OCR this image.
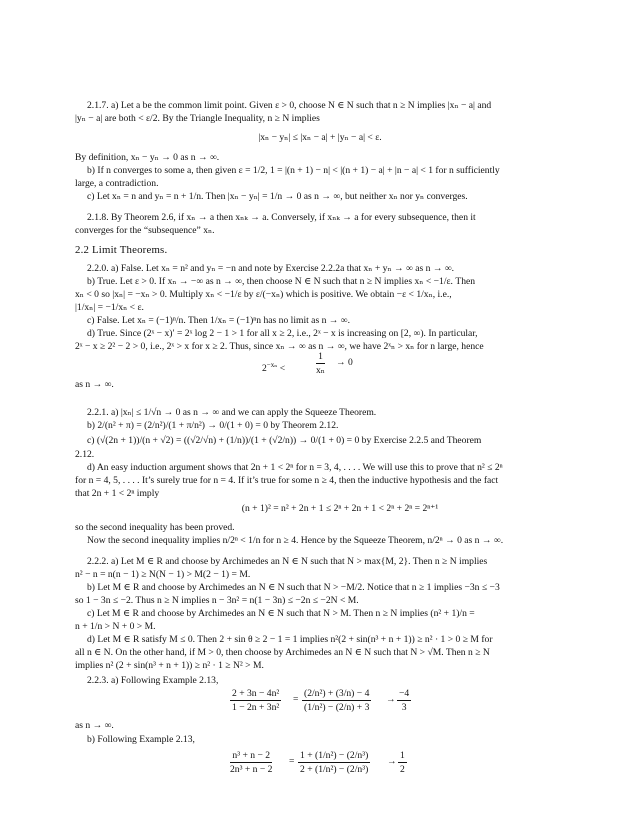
2.1.7. a) Let a be the common limit point. Given ε > 0, choose N ∈ N such that n ≥ N implies |xₙ − a| and
|yₙ − a| are both < ε/2. By the Triangle Inequality, n ≥ N implies
|xₙ − yₙ| ≤ |xₙ − a| + |yₙ − a| < ε.
By definition, xₙ − yₙ → 0 as n → ∞.
b) If n converges to some a, then given ε = 1/2, 1 = |(n + 1) − n| < |(n + 1) − a| + |n − a| < 1 for n sufficiently
large, a contradiction.
c) Let xₙ = n and yₙ = n + 1/n. Then |xₙ − yₙ| = 1/n → 0 as n → ∞, but neither xₙ nor yₙ converges.
2.1.8. By Theorem 2.6, if xₙ → a then xₙₖ → a. Conversely, if xₙₖ → a for every subsequence, then it
converges for the “subsequence” xₙ.
2.2 Limit Theorems.
2.2.0. a) False. Let xₙ = n² and yₙ = −n and note by Exercise 2.2.2a that xₙ + yₙ → ∞ as n → ∞.
b) True. Let ε > 0. If xₙ → −∞ as n → ∞, then choose N ∈ N such that n ≥ N implies xₙ < −1/ε. Then
xₙ < 0 so |xₙ| = −xₙ > 0. Multiply xₙ < −1/ε by ε/(−xₙ) which is positive. We obtain −ε < 1/xₙ, i.e.,
|1/xₙ| = −1/xₙ < ε.
c) False. Let xₙ = (−1)ⁿ/n. Then 1/xₙ = (−1)ⁿn has no limit as n → ∞.
d) True. Since (2ˣ − x)′ = 2ˣ log 2 − 1 > 1 for all x ≥ 2, i.e., 2ˣ − x is increasing on [2, ∞). In particular,
2ˣ − x ≥ 2² − 2 > 0, i.e., 2ˣ > x for x ≥ 2. Thus, since xₙ → ∞ as n → ∞, we have 2ˣₙ > xₙ for n large, hence
$2^{-x_n}$ <	$\frac{1}{\text{xₙ}} \to 0$
as n → ∞.
2.2.1. a) |xₙ| ≤ 1/√n → 0 as n → ∞ and we can apply the Squeeze Theorem.
b) 2/(n² + π) = (2/n²)/(1 + π/n²) → 0/(1 + 0) = 0 by Theorem 2.12.
c) (√(2n + 1))/(n + √2) = ((√2/√n) + (1/n))/(1 + (√2/n)) → 0/(1 + 0) = 0 by Exercise 2.2.5 and Theorem
2.12.
d) An easy induction argument shows that 2n + 1 < 2ⁿ for n = 3, 4, . . . . We will use this to prove that n² ≤ 2ⁿ
for n = 4, 5, . . . . It’s surely true for n = 4. If it’s true for some n ≥ 4, then the inductive hypothesis and the fact
that 2n + 1 < 2ⁿ imply
(n + 1)² = n² + 2n + 1 ≤ 2ⁿ + 2n + 1 < 2ⁿ + 2ⁿ = 2ⁿ⁺¹
so the second inequality has been proved.
Now the second inequality implies n/2ⁿ < 1/n for n ≥ 4. Hence by the Squeeze Theorem, n/2ⁿ → 0 as n → ∞.
2.2.2. a) Let M ∈ R and choose by Archimedes an N ∈ N such that N > max{M, 2}. Then n ≥ N implies
n² − n = n(n − 1) ≥ N(N − 1) > M(2 − 1) = M.
b) Let M ∈ R and choose by Archimedes an N ∈ N such that N > −M/2. Notice that n ≥ 1 implies −3n ≤ −3
so 1 − 3n ≤ −2. Thus n ≥ N implies n − 3n² = n(1 − 3n) ≤ −2n ≤ −2N < M.
c) Let M ∈ R and choose by Archimedes an N ∈ N such that N > M. Then n ≥ N implies (n² + 1)/n =
n + 1/n > N + 0 > M.
d) Let M ∈ R satisfy M ≤ 0. Then 2 + sin θ ≥ 2 − 1 = 1 implies n²(2 + sin(n³ + n + 1)) ≥ n² · 1 > 0 ≥ M for
all n ∈ N. On the other hand, if M > 0, then choose by Archimedes an N ∈ N such that N > √M. Then n ≥ N
implies n² (2 + sin(n³ + n + 1)) ≥ n² · 1 ≥ N² > M.
2.2.3. a) Following Example 2.13,
$\frac{\text{2 + 3n − 4n²}}{\text{1 − 2n + 3n²}} = \frac{\text{(2/n²) + (3/n) − 4}}{\text{(1/n²) − (2/n) + 3}} \to \frac{-4}{3}$
as n → ∞.
b) Following Example 2.13,
$\frac{\text{n³ + n − 2}}{\text{2n³ + n − 2}} = \frac{\text{1 + (1/n²) − (2/n³)}}{\text{2 + (1/n²) − (2/n³)}} \to \frac{1}{2}$
